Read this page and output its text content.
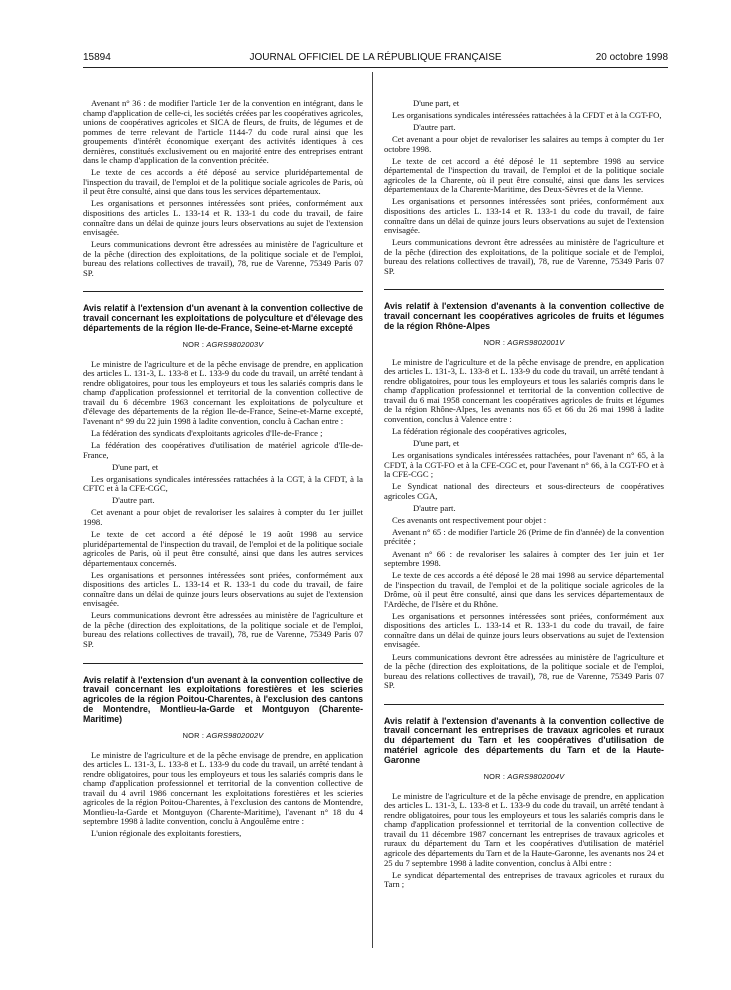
15894	JOURNAL OFFICIEL DE LA RÉPUBLIQUE FRANÇAISE	20 octobre 1998

Avenant n° 36 : de modifier l'article 1er de la convention en intégrant, dans le champ d'application de celle-ci, les sociétés créées par les coopératives agricoles, unions de coopératives agricoles et SICA de fleurs, de fruits, de légumes et de pommes de terre relevant de l'article 1144-7 du code rural ainsi que les groupements d'intérêt économique exerçant des activités identiques à ces dernières, constitués exclusivement ou en majorité entre des entreprises entrant dans le champ d'application de la convention précitée.

Le texte de ces accords a été déposé au service pluridépartemental de l'inspection du travail, de l'emploi et de la politique sociale agricoles de Paris, où il peut être consulté, ainsi que dans tous les services départementaux.

Les organisations et personnes intéressées sont priées, conformément aux dispositions des articles L. 133-14 et R. 133-1 du code du travail, de faire connaître dans un délai de quinze jours leurs observations au sujet de l'extension envisagée.

Leurs communications devront être adressées au ministère de l'agriculture et de la pêche (direction des exploitations, de la politique sociale et de l'emploi, bureau des relations collectives de travail), 78, rue de Varenne, 75349 Paris 07 SP.

Avis relatif à l'extension d'un avenant à la convention collective de travail concernant les exploitations de polyculture et d'élevage des départements de la région Ile-de-France, Seine-et-Marne excepté
NOR : AGRS9802003V

Le ministre de l'agriculture et de la pêche envisage de prendre, en application des articles L. 131-3, L. 133-8 et L. 133-9 du code du travail, un arrêté tendant à rendre obligatoires, pour tous les employeurs et tous les salariés compris dans le champ d'application professionnel et territorial de la convention collective de travail du 6 décembre 1963 concernant les exploitations de polyculture et d'élevage des départements de la région Ile-de-France, Seine-et-Marne excepté, l'avenant n° 99 du 22 juin 1998 à ladite convention, conclu à Cachan entre :

La fédération des syndicats d'exploitants agricoles d'Ile-de-France ;

La fédération des coopératives d'utilisation de matériel agricole d'Ile-de-France,

D'une part, et

Les organisations syndicales intéressées rattachées à la CGT, à la CFDT, à la CFTC et à la CFE-CGC,

D'autre part.

Cet avenant a pour objet de revaloriser les salaires à compter du 1er juillet 1998.

Le texte de cet accord a été déposé le 19 août 1998 au service pluridépartemental de l'inspection du travail, de l'emploi et de la politique sociale agricoles de Paris, où il peut être consulté, ainsi que dans les autres services départementaux concernés.

Les organisations et personnes intéressées sont priées, conformément aux dispositions des articles L. 133-14 et R. 133-1 du code du travail, de faire connaître dans un délai de quinze jours leurs observations au sujet de l'extension envisagée.

Leurs communications devront être adressées au ministère de l'agriculture et de la pêche (direction des exploitations, de la politique sociale et de l'emploi, bureau des relations collectives de travail), 78, rue de Varenne, 75349 Paris 07 SP.

Avis relatif à l'extension d'un avenant à la convention collective de travail concernant les exploitations forestières et les scieries agricoles de la région Poitou-Charentes, à l'exclusion des cantons de Montendre, Montlieu-la-Garde et Montguyon (Charente-Maritime)
NOR : AGRS9802002V

Le ministre de l'agriculture et de la pêche envisage de prendre, en application des articles L. 131-3, L. 133-8 et L. 133-9 du code du travail, un arrêté tendant à rendre obligatoires, pour tous les employeurs et tous les salariés compris dans le champ d'application professionnel et territorial de la convention collective de travail du 4 avril 1986 concernant les exploitations forestières et les scieries agricoles de la région Poitou-Charentes, à l'exclusion des cantons de Montendre, Montlieu-la-Garde et Montguyon (Charente-Maritime), l'avenant n° 18 du 4 septembre 1998 à ladite convention, conclu à Angoulême entre :

L'union régionale des exploitants forestiers,

D'une part, et

Les organisations syndicales intéressées rattachées à la CFDT et à la CGT-FO,

D'autre part.

Cet avenant a pour objet de revaloriser les salaires au temps à compter du 1er octobre 1998.

Le texte de cet accord a été déposé le 11 septembre 1998 au service départemental de l'inspection du travail, de l'emploi et de la politique sociale agricoles de la Charente, où il peut être consulté, ainsi que dans les services départementaux de la Charente-Maritime, des Deux-Sèvres et de la Vienne.

Les organisations et personnes intéressées sont priées, conformément aux dispositions des articles L. 133-14 et R. 133-1 du code du travail, de faire connaître dans un délai de quinze jours leurs observations au sujet de l'extension envisagée.

Leurs communications devront être adressées au ministère de l'agriculture et de la pêche (direction des exploitations, de la politique sociale et de l'emploi, bureau des relations collectives de travail), 78, rue de Varenne, 75349 Paris 07 SP.

Avis relatif à l'extension d'avenants à la convention collective de travail concernant les coopératives agricoles de fruits et légumes de la région Rhône-Alpes
NOR : AGRS9802001V

Le ministre de l'agriculture et de la pêche envisage de prendre, en application des articles L. 131-3, L. 133-8 et L. 133-9 du code du travail, un arrêté tendant à rendre obligatoires, pour tous les employeurs et tous les salariés compris dans le champ d'application professionnel et territorial de la convention collective de travail du 6 mai 1958 concernant les coopératives agricoles de fruits et légumes de la région Rhône-Alpes, les avenants nos 65 et 66 du 26 mai 1998 à ladite convention, conclus à Valence entre :

La fédération régionale des coopératives agricoles,

D'une part, et

Les organisations syndicales intéressées rattachées, pour l'avenant n° 65, à la CFDT, à la CGT-FO et à la CFE-CGC et, pour l'avenant n° 66, à la CGT-FO et à la CFE-CGC ;

Le Syndicat national des directeurs et sous-directeurs de coopératives agricoles CGA,

D'autre part.

Ces avenants ont respectivement pour objet :

Avenant n° 65 : de modifier l'article 26 (Prime de fin d'année) de la convention précitée ;

Avenant n° 66 : de revaloriser les salaires à compter des 1er juin et 1er septembre 1998.

Le texte de ces accords a été déposé le 28 mai 1998 au service départemental de l'inspection du travail, de l'emploi et de la politique sociale agricoles de la Drôme, où il peut être consulté, ainsi que dans les services départementaux de l'Ardèche, de l'Isère et du Rhône.

Les organisations et personnes intéressées sont priées, conformément aux dispositions des articles L. 133-14 et R. 133-1 du code du travail, de faire connaître dans un délai de quinze jours leurs observations au sujet de l'extension envisagée.

Leurs communications devront être adressées au ministère de l'agriculture et de la pêche (direction des exploitations, de la politique sociale et de l'emploi, bureau des relations collectives de travail), 78, rue de Varenne, 75349 Paris 07 SP.

Avis relatif à l'extension d'avenants à la convention collective de travail concernant les entreprises de travaux agricoles et ruraux du département du Tarn et les coopératives d'utilisation de matériel agricole des départements du Tarn et de la Haute-Garonne
NOR : AGRS9802004V

Le ministre de l'agriculture et de la pêche envisage de prendre, en application des articles L. 131-3, L. 133-8 et L. 133-9 du code du travail, un arrêté tendant à rendre obligatoires, pour tous les employeurs et tous les salariés compris dans le champ d'application professionnel et territorial de la convention collective de travail du 11 décembre 1987 concernant les entreprises de travaux agricoles et ruraux du département du Tarn et les coopératives d'utilisation de matériel agricole des départements du Tarn et de la Haute-Garonne, les avenants nos 24 et 25 du 7 septembre 1998 à ladite convention, conclus à Albi entre :

Le syndicat départemental des entreprises de travaux agricoles et ruraux du Tarn ;
